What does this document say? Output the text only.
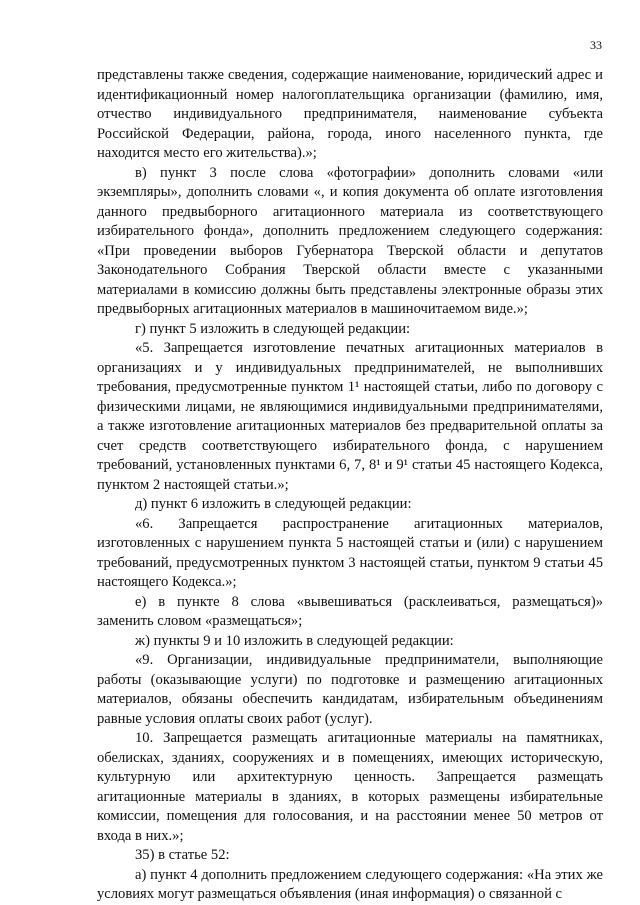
33

представлены также сведения, содержащие наименование, юридический адрес и идентификационный номер налогоплательщика организации (фамилию, имя, отчество индивидуального предпринимателя, наименование субъекта Российской Федерации, района, города, иного населенного пункта, где находится место его жительства).»;

в) пункт 3 после слова «фотографии» дополнить словами «или экземпляры», дополнить словами «, и копия документа об оплате изготовления данного предвыборного агитационного материала из соответствующего избирательного фонда», дополнить предложением следующего содержания: «При проведении выборов Губернатора Тверской области и депутатов Законодательного Собрания Тверской области вместе с указанными материалами в комиссию должны быть представлены электронные образы этих предвыборных агитационных материалов в машиночитаемом виде.»;

г) пункт 5 изложить в следующей редакции:

«5. Запрещается изготовление печатных агитационных материалов в организациях и у индивидуальных предпринимателей, не выполнивших требования, предусмотренные пунктом 1¹ настоящей статьи, либо по договору с физическими лицами, не являющимися индивидуальными предпринимателями, а также изготовление агитационных материалов без предварительной оплаты за счет средств соответствующего избирательного фонда, с нарушением требований, установленных пунктами 6, 7, 8¹ и 9¹ статьи 45 настоящего Кодекса, пунктом 2 настоящей статьи.»;

д) пункт 6 изложить в следующей редакции:

«6. Запрещается распространение агитационных материалов, изготовленных с нарушением пункта 5 настоящей статьи и (или) с нарушением требований, предусмотренных пунктом 3 настоящей статьи, пунктом 9 статьи 45 настоящего Кодекса.»;

е) в пункте 8 слова «вывешиваться (расклеиваться, размещаться)» заменить словом «размещаться»;

ж) пункты 9 и 10 изложить в следующей редакции:

«9. Организации, индивидуальные предприниматели, выполняющие работы (оказывающие услуги) по подготовке и размещению агитационных материалов, обязаны обеспечить кандидатам, избирательным объединениям равные условия оплаты своих работ (услуг).

10. Запрещается размещать агитационные материалы на памятниках, обелисках, зданиях, сооружениях и в помещениях, имеющих историческую, культурную или архитектурную ценность. Запрещается размещать агитационные материалы в зданиях, в которых размещены избирательные комиссии, помещения для голосования, и на расстоянии менее 50 метров от входа в них.»;

35) в статье 52:

а) пункт 4 дополнить предложением следующего содержания: «На этих же условиях могут размещаться объявления (иная информация) о связанной с
